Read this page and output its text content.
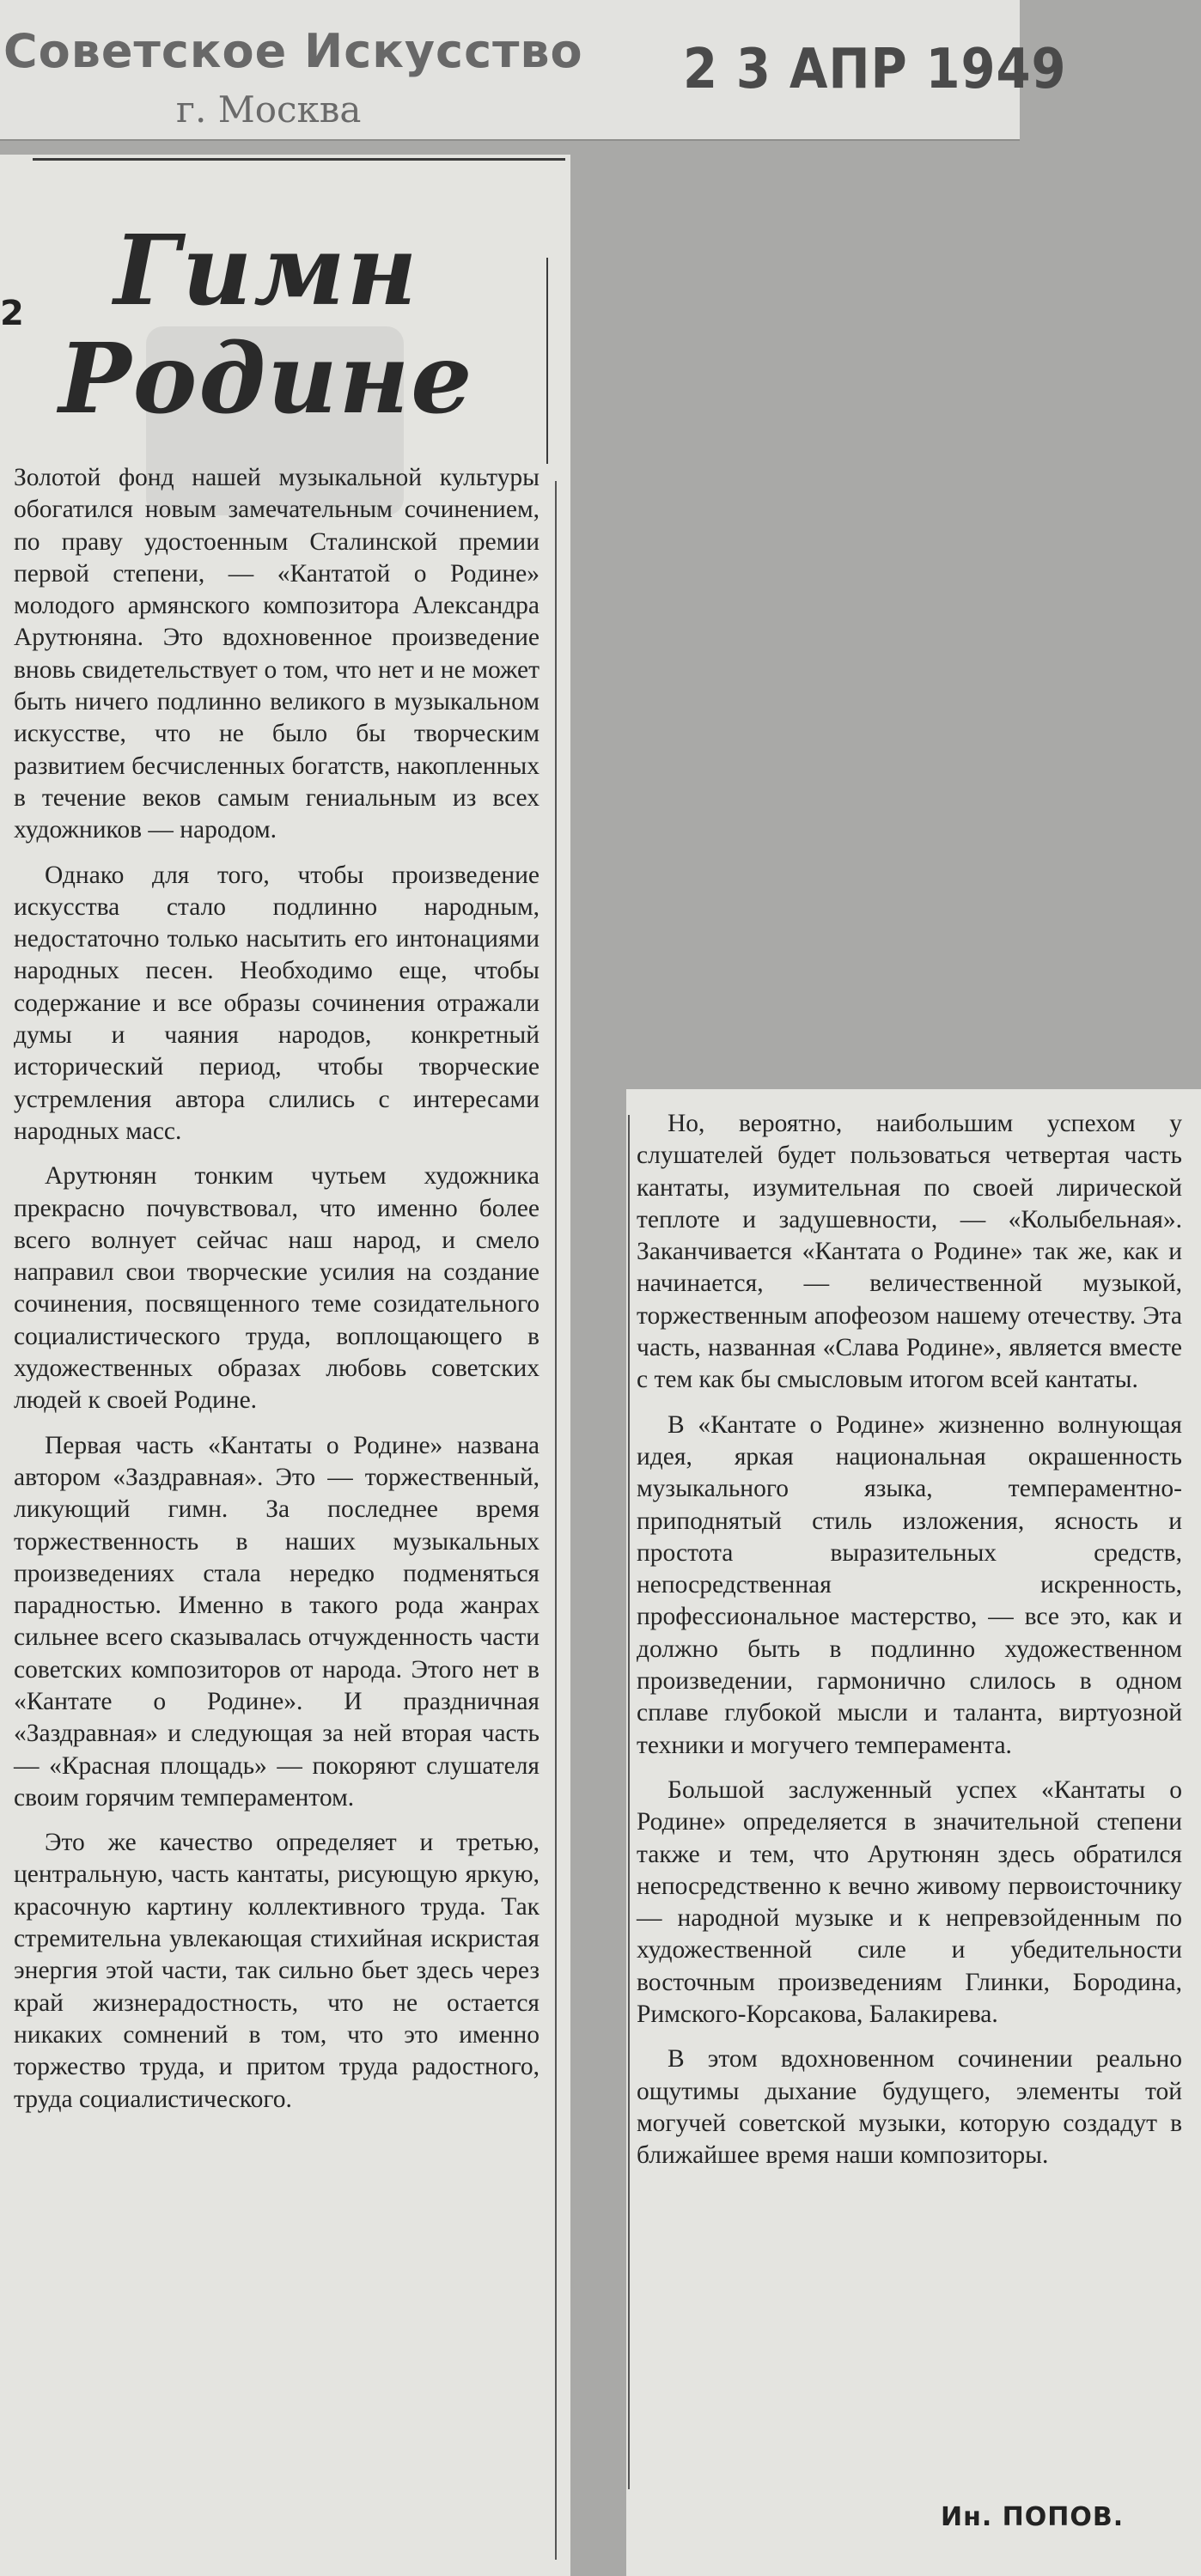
Советское Искусство
г. Москва
2 3 АПР 1949
2 Гимн
Родине

Золотой фонд нашей музыкальной культуры обогатился новым замечательным сочинением, по праву удостоенным Сталинской премии первой степени, — «Кантатой о Родине» молодого армянского композитора Александра Арутюняна. Это вдохновенное произведение вновь свидетельствует о том, что нет и не может быть ничего подлинно великого в музыкальном искусстве, что не было бы творческим развитием бесчисленных богатств, накопленных в течение веков самым гениальным из всех художников — народом.

Однако для того, чтобы произведение искусства стало подлинно народным, недостаточно только насытить его интонациями народных песен. Необходимо еще, чтобы содержание и все образы сочинения отражали думы и чаяния народов, конкретный исторический период, чтобы творческие устремления автора слились с интересами народных масс.

Арутюнян тонким чутьем художника прекрасно почувствовал, что именно более всего волнует сейчас наш народ, и смело направил свои творческие усилия на создание сочинения, посвященного теме созидательного социалистического труда, воплощающего в художественных образах любовь советских людей к своей Родине.

Первая часть «Кантаты о Родине» названа автором «Заздравная». Это — торжественный, ликующий гимн. За последнее время торжественность в наших музыкальных произведениях стала нередко подменяться парадностью. Именно в такого рода жанрах сильнее всего сказывалась отчужденность части советских композиторов от народа. Этого нет в «Кантате о Родине». И праздничная «Заздравная» и следующая за ней вторая часть — «Красная площадь» — покоряют слушателя своим горячим темпераментом.

Это же качество определяет и третью, центральную, часть кантаты, рисующую яркую, красочную картину коллективного труда. Так стремительна увлекающая стихийная искристая энергия этой части, так сильно бьет здесь через край жизнерадостность, что не остается никаких сомнений в том, что это именно торжество труда, и притом труда радостного, труда социалистического.

Но, вероятно, наибольшим успехом у слушателей будет пользоваться четвертая часть кантаты, изумительная по своей лирической теплоте и задушевности, — «Колыбельная». Заканчивается «Кантата о Родине» так же, как и начинается, — величественной музыкой, торжественным апофеозом нашему отечеству. Эта часть, названная «Слава Родине», является вместе с тем как бы смысловым итогом всей кантаты.

В «Кантате о Родине» жизненно волнующая идея, яркая национальная окрашенность музыкального языка, темпераментно-приподнятый стиль изложения, ясность и простота выразительных средств, непосредственная искренность, профессиональное мастерство, — все это, как и должно быть в подлинно художественном произведении, гармонично слилось в одном сплаве глубокой мысли и таланта, виртуозной техники и могучего темперамента.

Большой заслуженный успех «Кантаты о Родине» определяется в значительной степени также и тем, что Арутюнян здесь обратился непосредственно к вечно живому первоисточнику — народной музыке и к непревзойденным по художественной силе и убедительности восточным произведениям Глинки, Бородина, Римского-Корсакова, Балакирева.

В этом вдохновенном сочинении реально ощутимы дыхание будущего, элементы той могучей советской музыки, которую создадут в ближайшее время наши композиторы.

Ин. ПОПОВ.
